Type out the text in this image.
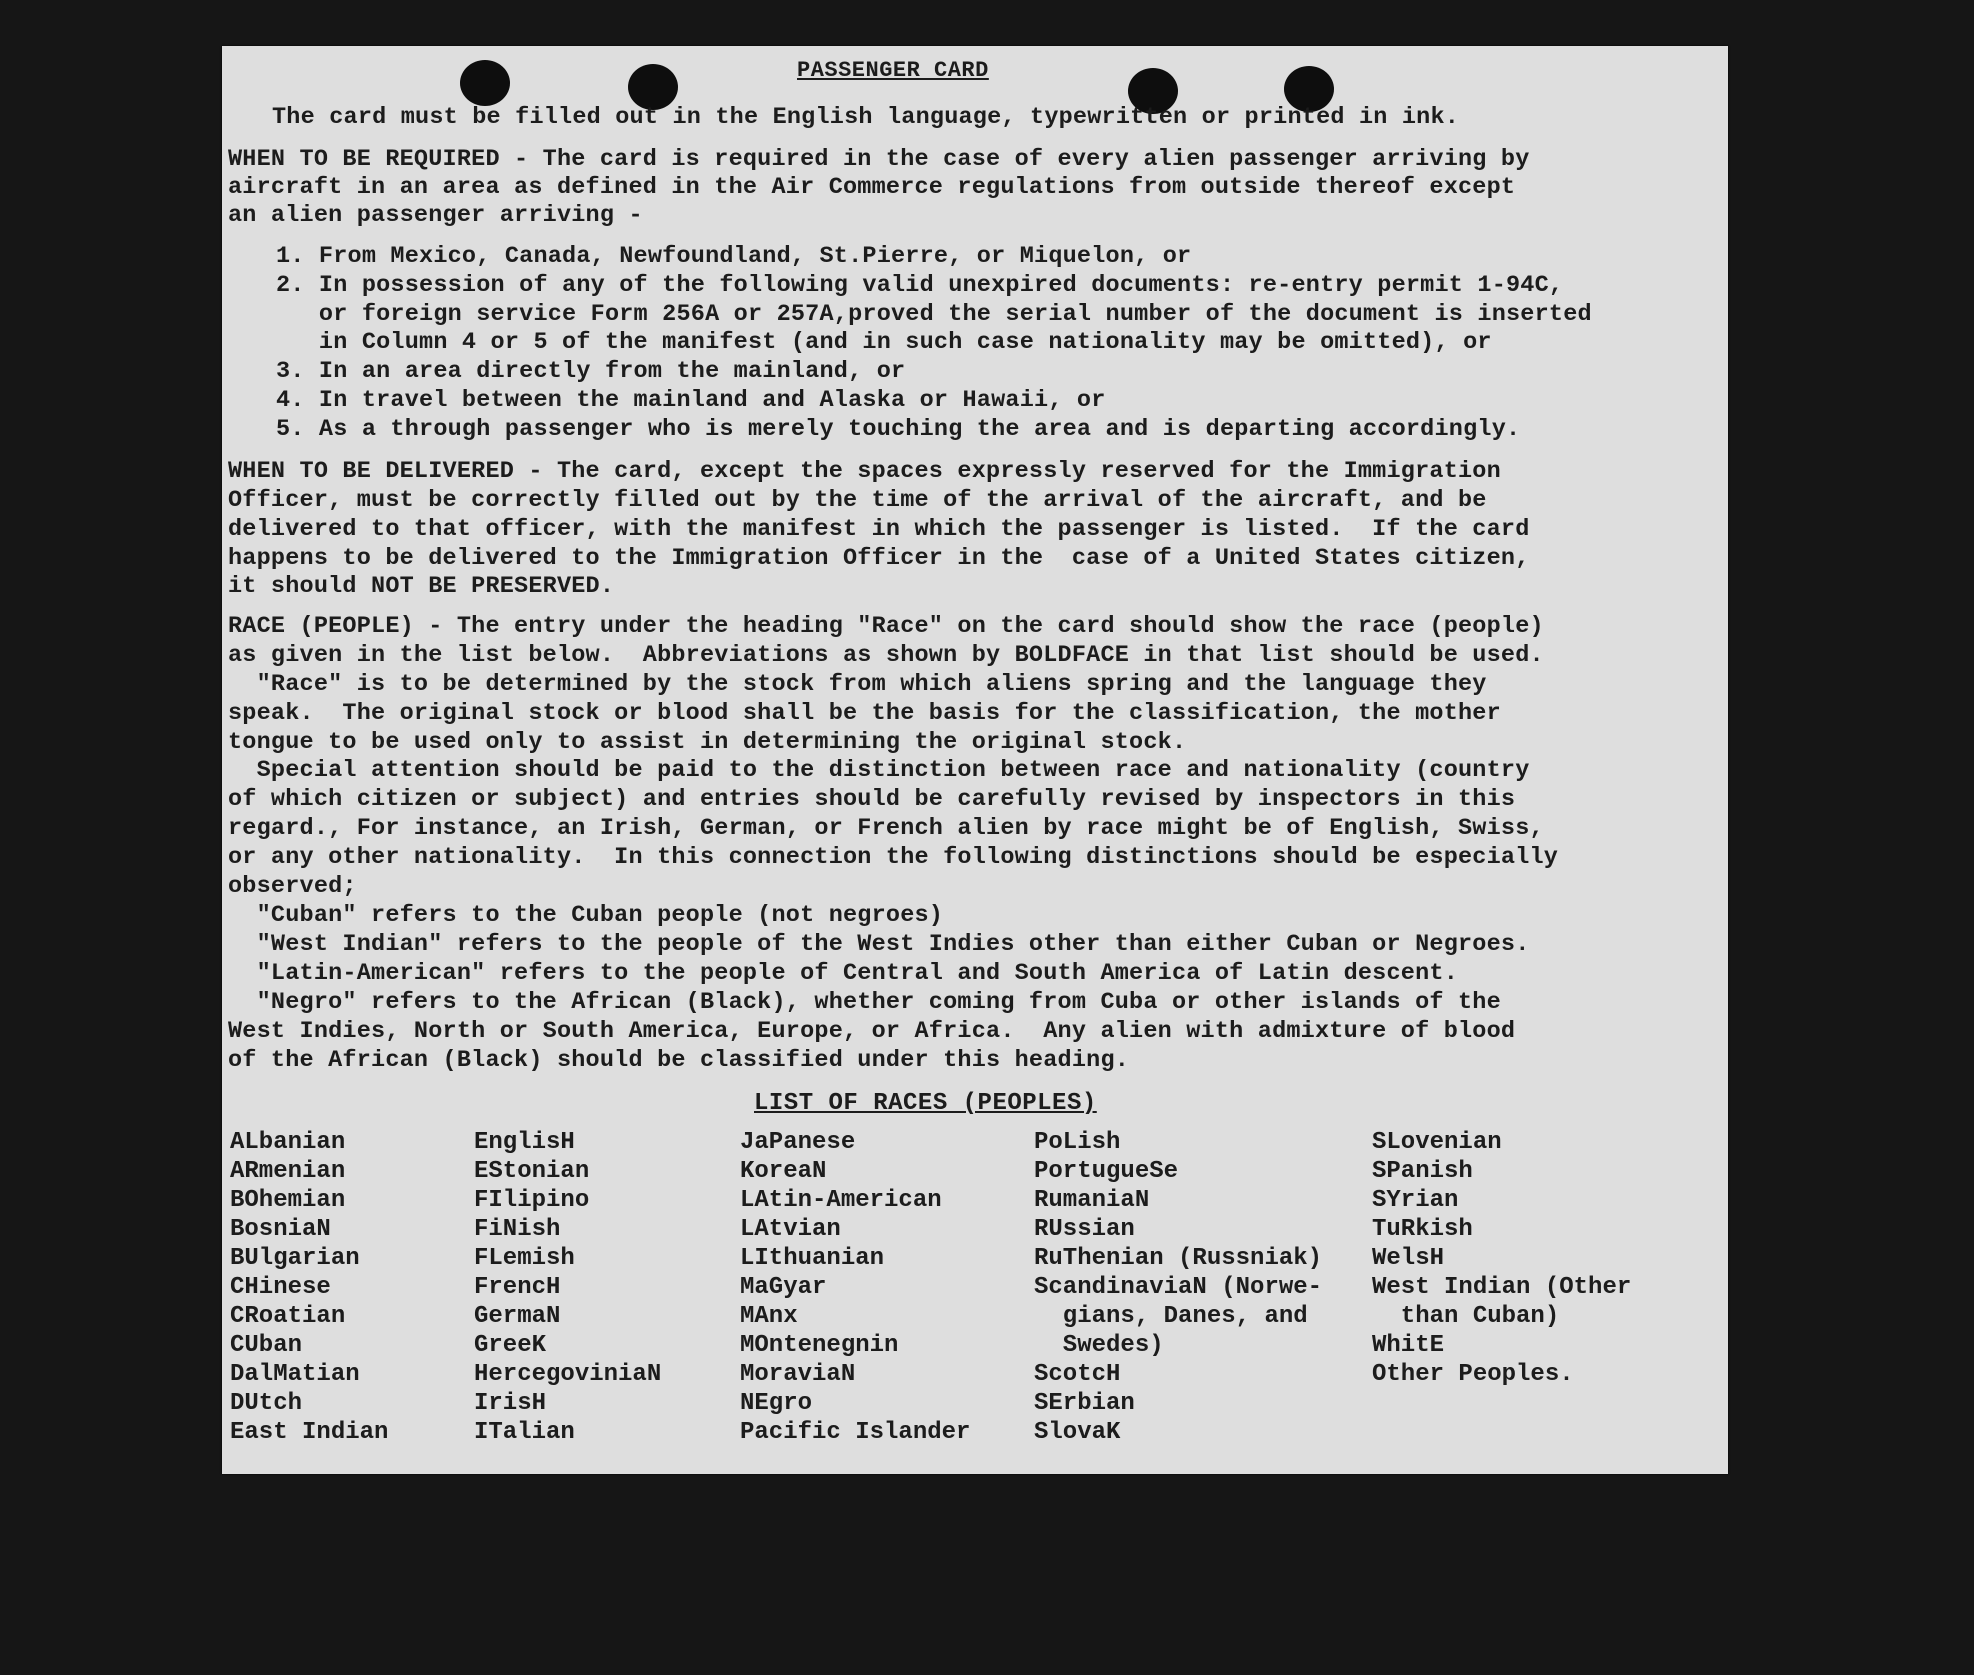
PASSENGER CARD
The card must be filled out in the English language, typewritten or printed in ink.
WHEN TO BE REQUIRED - The card is required in the case of every alien passenger arriving by
aircraft in an area as defined in the Air Commerce regulations from outside thereof except
an alien passenger arriving -
1. From Mexico, Canada, Newfoundland, St.Pierre, or Miquelon, or
2. In possession of any of the following valid unexpired documents: re-entry permit 1-94C,
or foreign service Form 256A or 257A,proved the serial number of the document is inserted
in Column 4 or 5 of the manifest (and in such case nationality may be omitted), or
3. In an area directly from the mainland, or
4. In travel between the mainland and Alaska or Hawaii, or
5. As a through passenger who is merely touching the area and is departing accordingly.
WHEN TO BE DELIVERED - The card, except the spaces expressly reserved for the Immigration
Officer, must be correctly filled out by the time of the arrival of the aircraft, and be
delivered to that officer, with the manifest in which the passenger is listed.  If the card
happens to be delivered to the Immigration Officer in the  case of a United States citizen,
it should NOT BE PRESERVED.
RACE (PEOPLE) - The entry under the heading "Race" on the card should show the race (people)
as given in the list below.  Abbreviations as shown by BOLDFACE in that list should be used.
"Race" is to be determined by the stock from which aliens spring and the language they
speak.  The original stock or blood shall be the basis for the classification, the mother
tongue to be used only to assist in determining the original stock.
Special attention should be paid to the distinction between race and nationality (country
of which citizen or subject) and entries should be carefully revised by inspectors in this
regard., For instance, an Irish, German, or French alien by race might be of English, Swiss,
or any other nationality.  In this connection the following distinctions should be especially
observed;
"Cuban" refers to the Cuban people (not negroes)
"West Indian" refers to the people of the West Indies other than either Cuban or Negroes.
"Latin-American" refers to the people of Central and South America of Latin descent.
"Negro" refers to the African (Black), whether coming from Cuba or other islands of the
West Indies, North or South America, Europe, or Africa.  Any alien with admixture of blood
of the African (Black) should be classified under this heading.
LIST OF RACES (PEOPLES)
ALbanian
ARmenian
BOhemian
BosniaN
BUlgarian
CHinese
CRoatian
CUban
DalMatian
DUtch
East Indian
EnglisH
EStonian
FIlipino
FiNish
FLemish
FrencH
GermaN
GreeK
HercegoviniaN
IrisH
ITalian
JaPanese
KoreaN
LAtin-American
LAtvian
LIthuanian
MaGyar
MAnx
MOntenegnin
MoraviaN
NEgro
Pacific Islander
PoLish
PortugueSe
RumaniaN
RUssian
RuThenian (Russniak)
ScandinaviaN (Norwe-
gians, Danes, and
Swedes)
ScotcH
SErbian
SlovaK
SLovenian
SPanish
SYrian
TuRkish
WelsH
West Indian (Other
than Cuban)
WhitE
Other Peoples.
